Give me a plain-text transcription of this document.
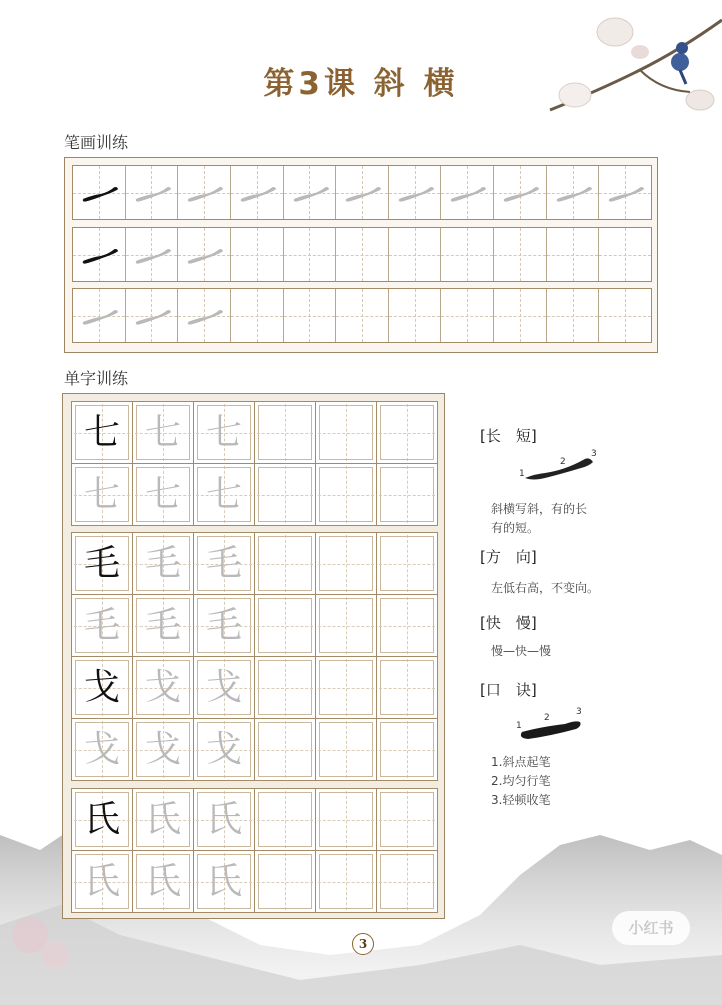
第3课 斜 横
笔画训练
单字训练
七 七 七
七 七 七
毛 毛 毛
毛 毛 毛
戈 戈 戈
戈 戈 戈
氏 氏 氏
氏 氏 氏
[长　短]
1
2
3
斜横写斜，有的长
有的短。
[方　向]
左低右高，不变向。
[快　慢]
慢—快—慢
[口　诀]
1
2
3
1.斜点起笔
2.均匀行笔
3.轻顿收笔
3
小红书
